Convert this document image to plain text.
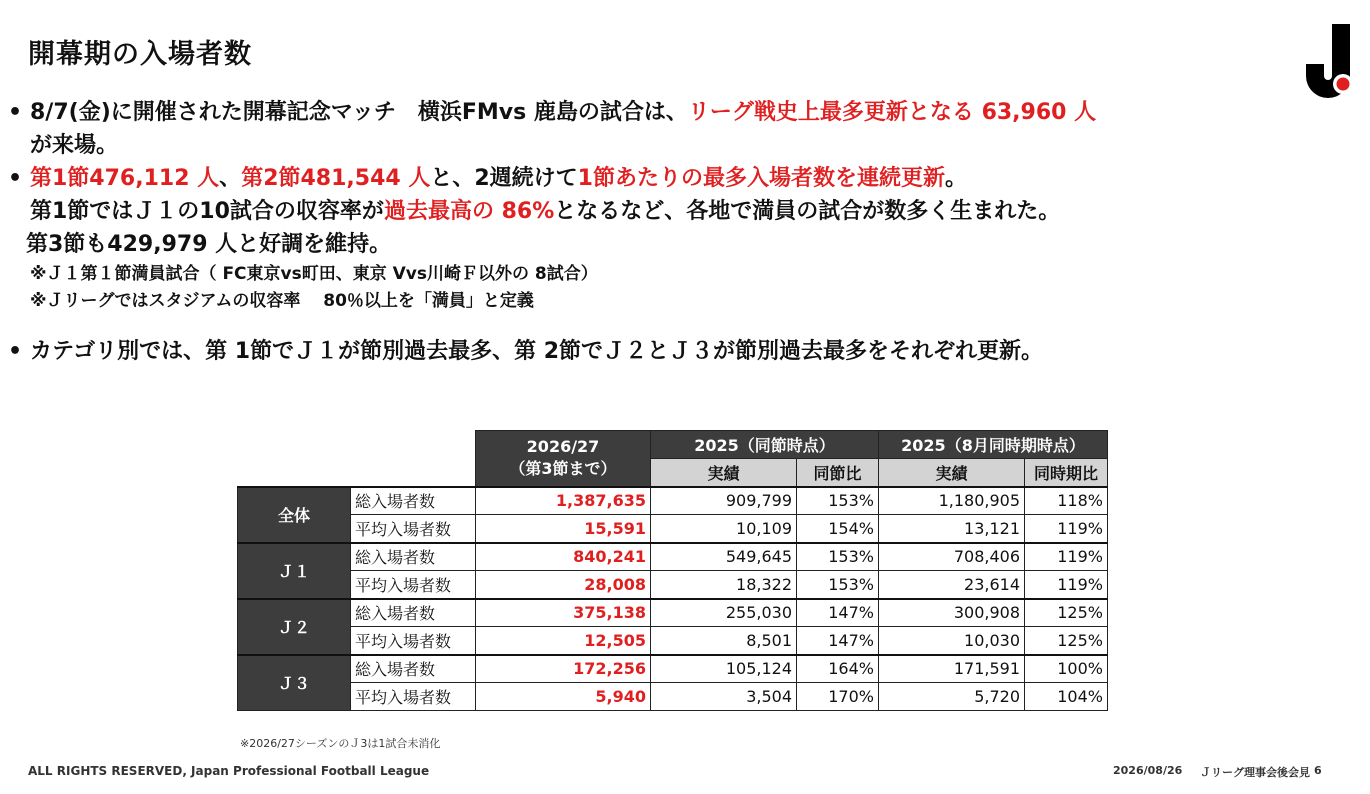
開幕期の入場者数
• 8/7(金)に開催された開幕記念マッチ　横浜FMvs 鹿島の試合は、リーグ戦史上最多更新となる 63,960 人
が来場。
• 第1節476,112 人、第2節481,544 人と、2週続けて1節あたりの最多入場者数を連続更新。
第1節ではＪ１の10試合の収容率が過去最高の 86%となるなど、各地で満員の試合が数多く生まれた。
第3節も429,979 人と好調を維持。
※Ｊ１第１節満員試合（ FC東京vs町田、東京 Vvs川崎Ｆ以外の 8試合）
※Ｊリーグではスタジアムの収容率　 80％以上を「満員」と定義
• カテゴリ別では、第 1節でＪ１が節別過去最多、第 2節でＪ２とＪ３が節別過去最多をそれぞれ更新。

		2026/27
（第3節まで）	2025（同節時点）		2025（8月同時期時点）	
			実績	同節比	実績	同時期比
全体	総入場者数	1,387,635	909,799	153%	1,180,905	118%
	平均入場者数	15,591	10,109	154%	13,121	119%
Ｊ１	総入場者数	840,241	549,645	153%	708,406	119%
	平均入場者数	28,008	18,322	153%	23,614	119%
Ｊ２	総入場者数	375,138	255,030	147%	300,908	125%
	平均入場者数	12,505	8,501	147%	10,030	125%
Ｊ３	総入場者数	172,256	105,124	164%	171,591	100%
	平均入場者数	5,940	3,504	170%	5,720	104%
※2026/27シーズンのＪ3は1試合未消化
ALL RIGHTS RESERVED, Japan Professional Football League	2026/08/26 Ｊリーグ理事会後会見 6
